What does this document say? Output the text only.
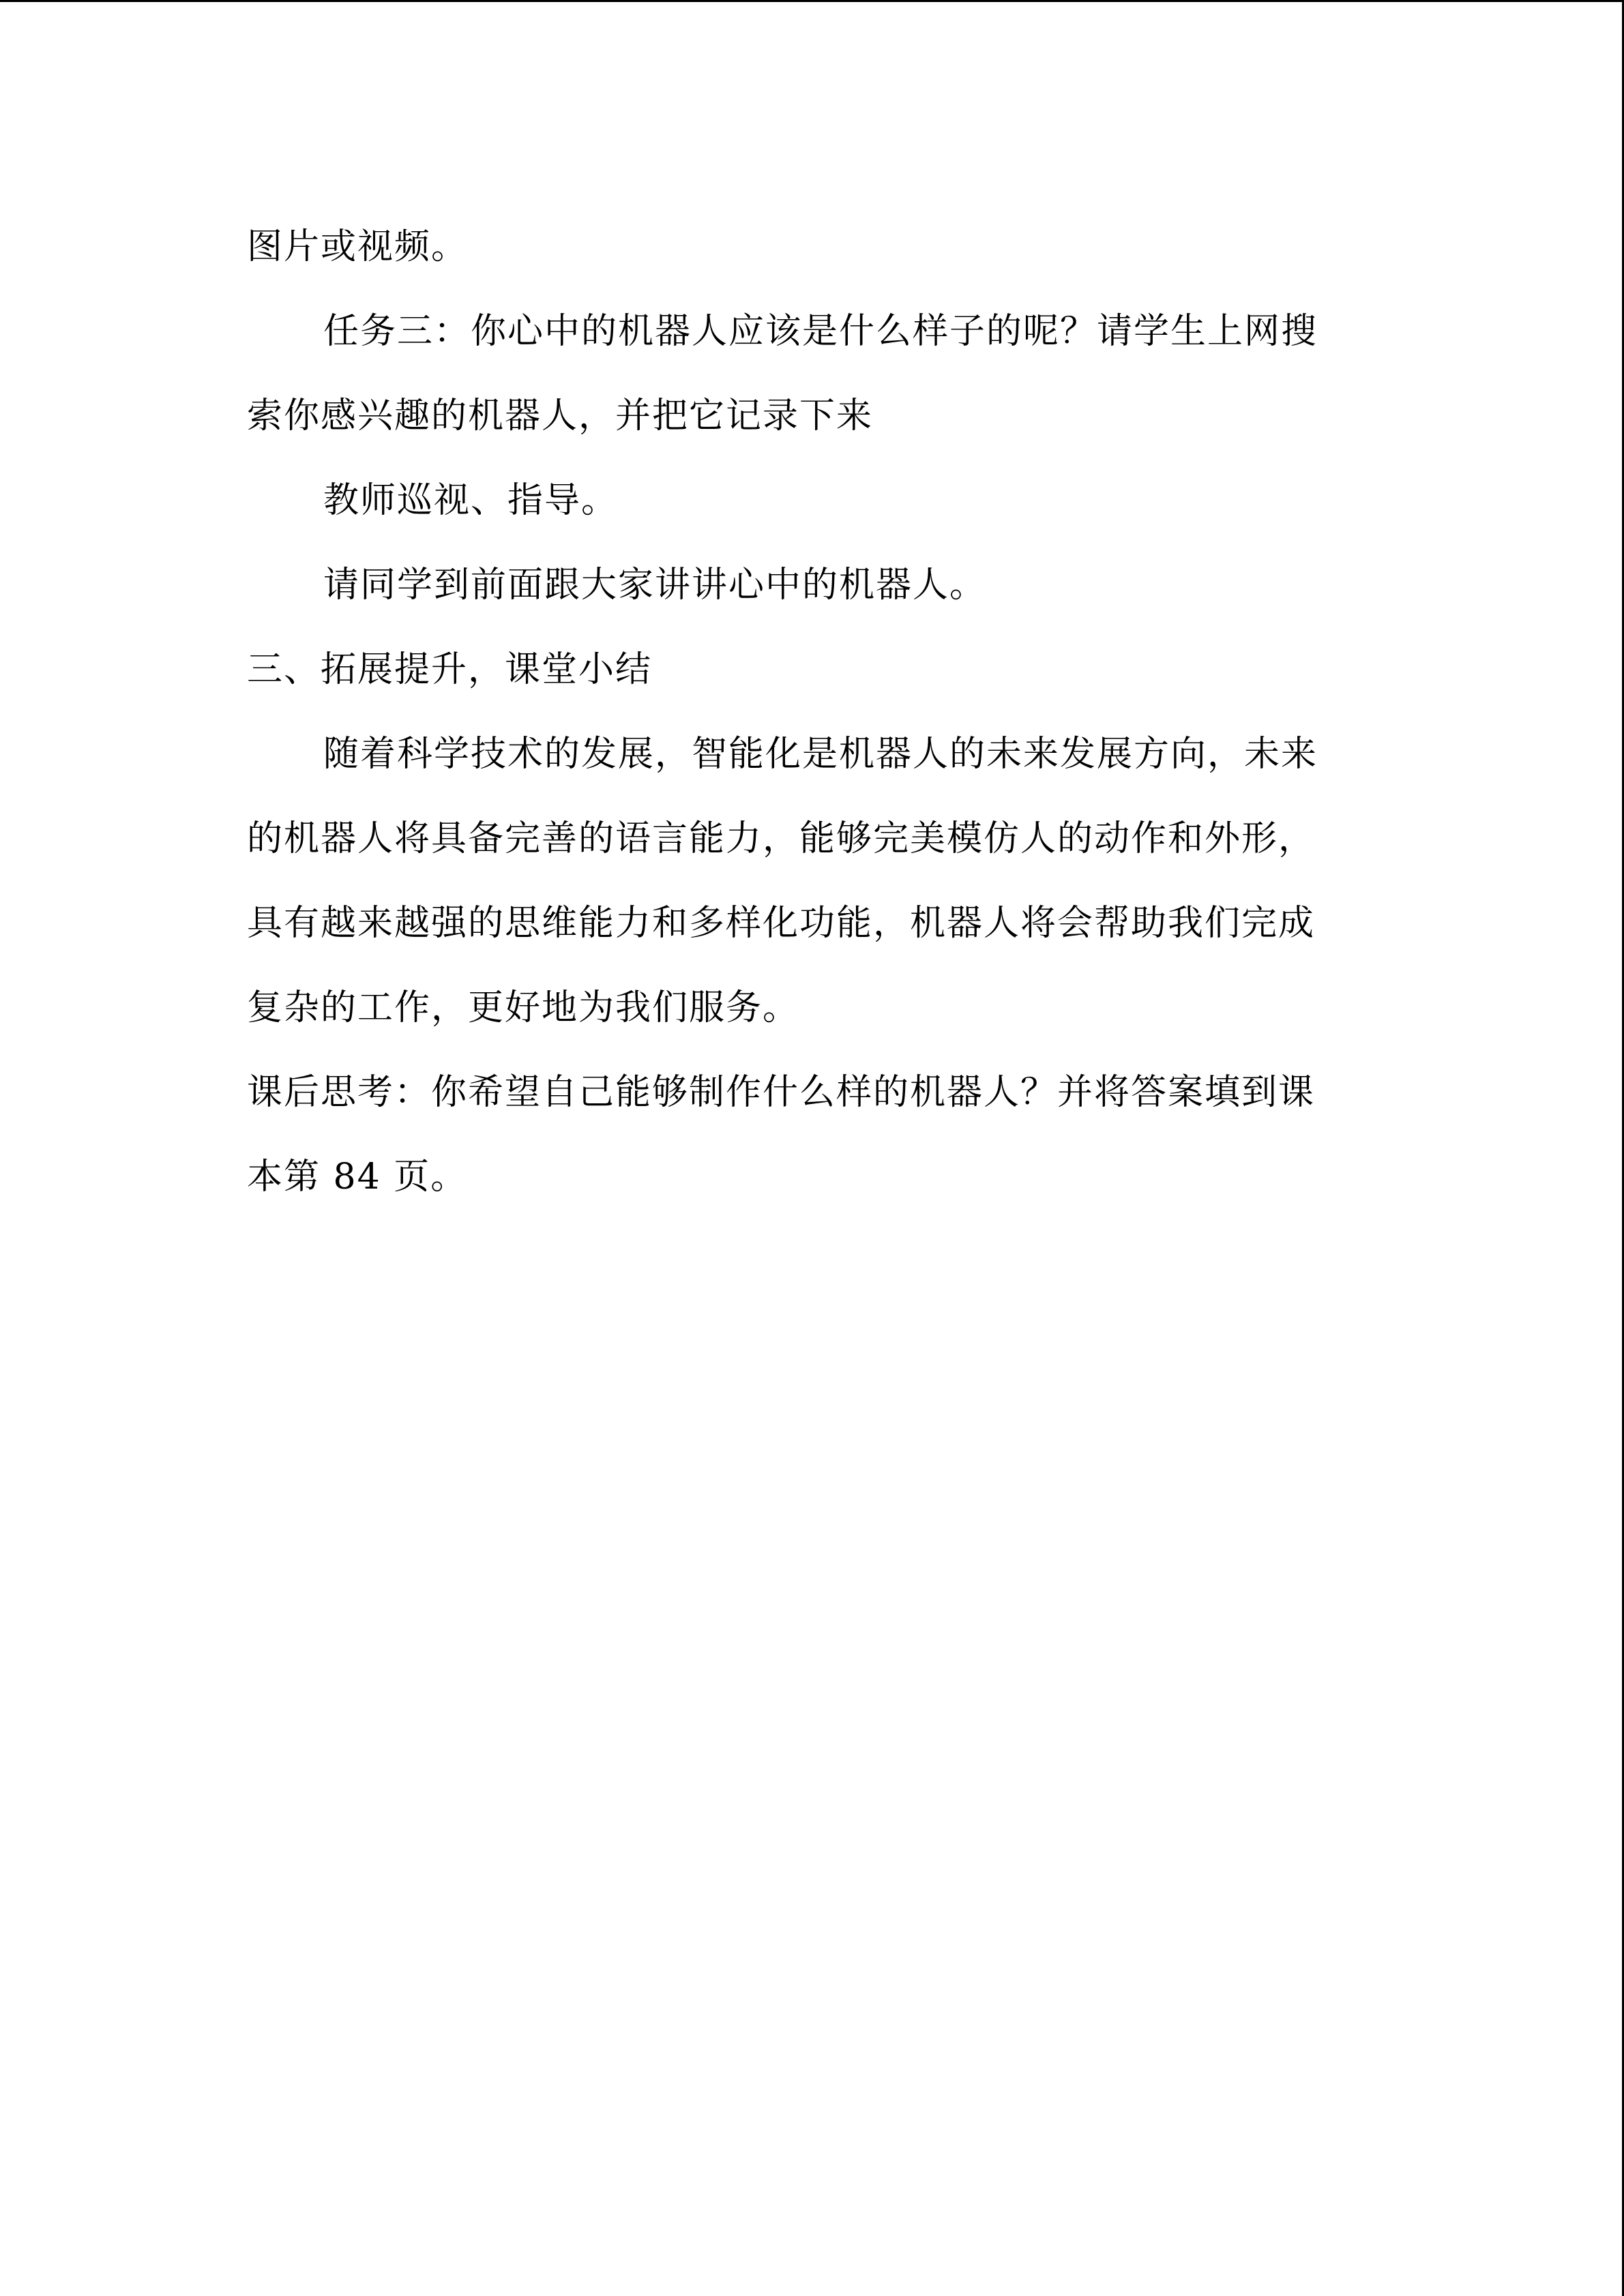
图片或视频。
任务三：你心中的机器人应该是什么样子的呢？请学生上网搜
索你感兴趣的机器人，并把它记录下来
教师巡视、指导。
请同学到前面跟大家讲讲心中的机器人。
三、拓展提升，课堂小结
随着科学技术的发展，智能化是机器人的未来发展方向，未来
的机器人将具备完善的语言能力，能够完美模仿人的动作和外形，
具有越来越强的思维能力和多样化功能，机器人将会帮助我们完成
复杂的工作，更好地为我们服务。
课后思考：你希望自己能够制作什么样的机器人？并将答案填到课
本第 84 页。
